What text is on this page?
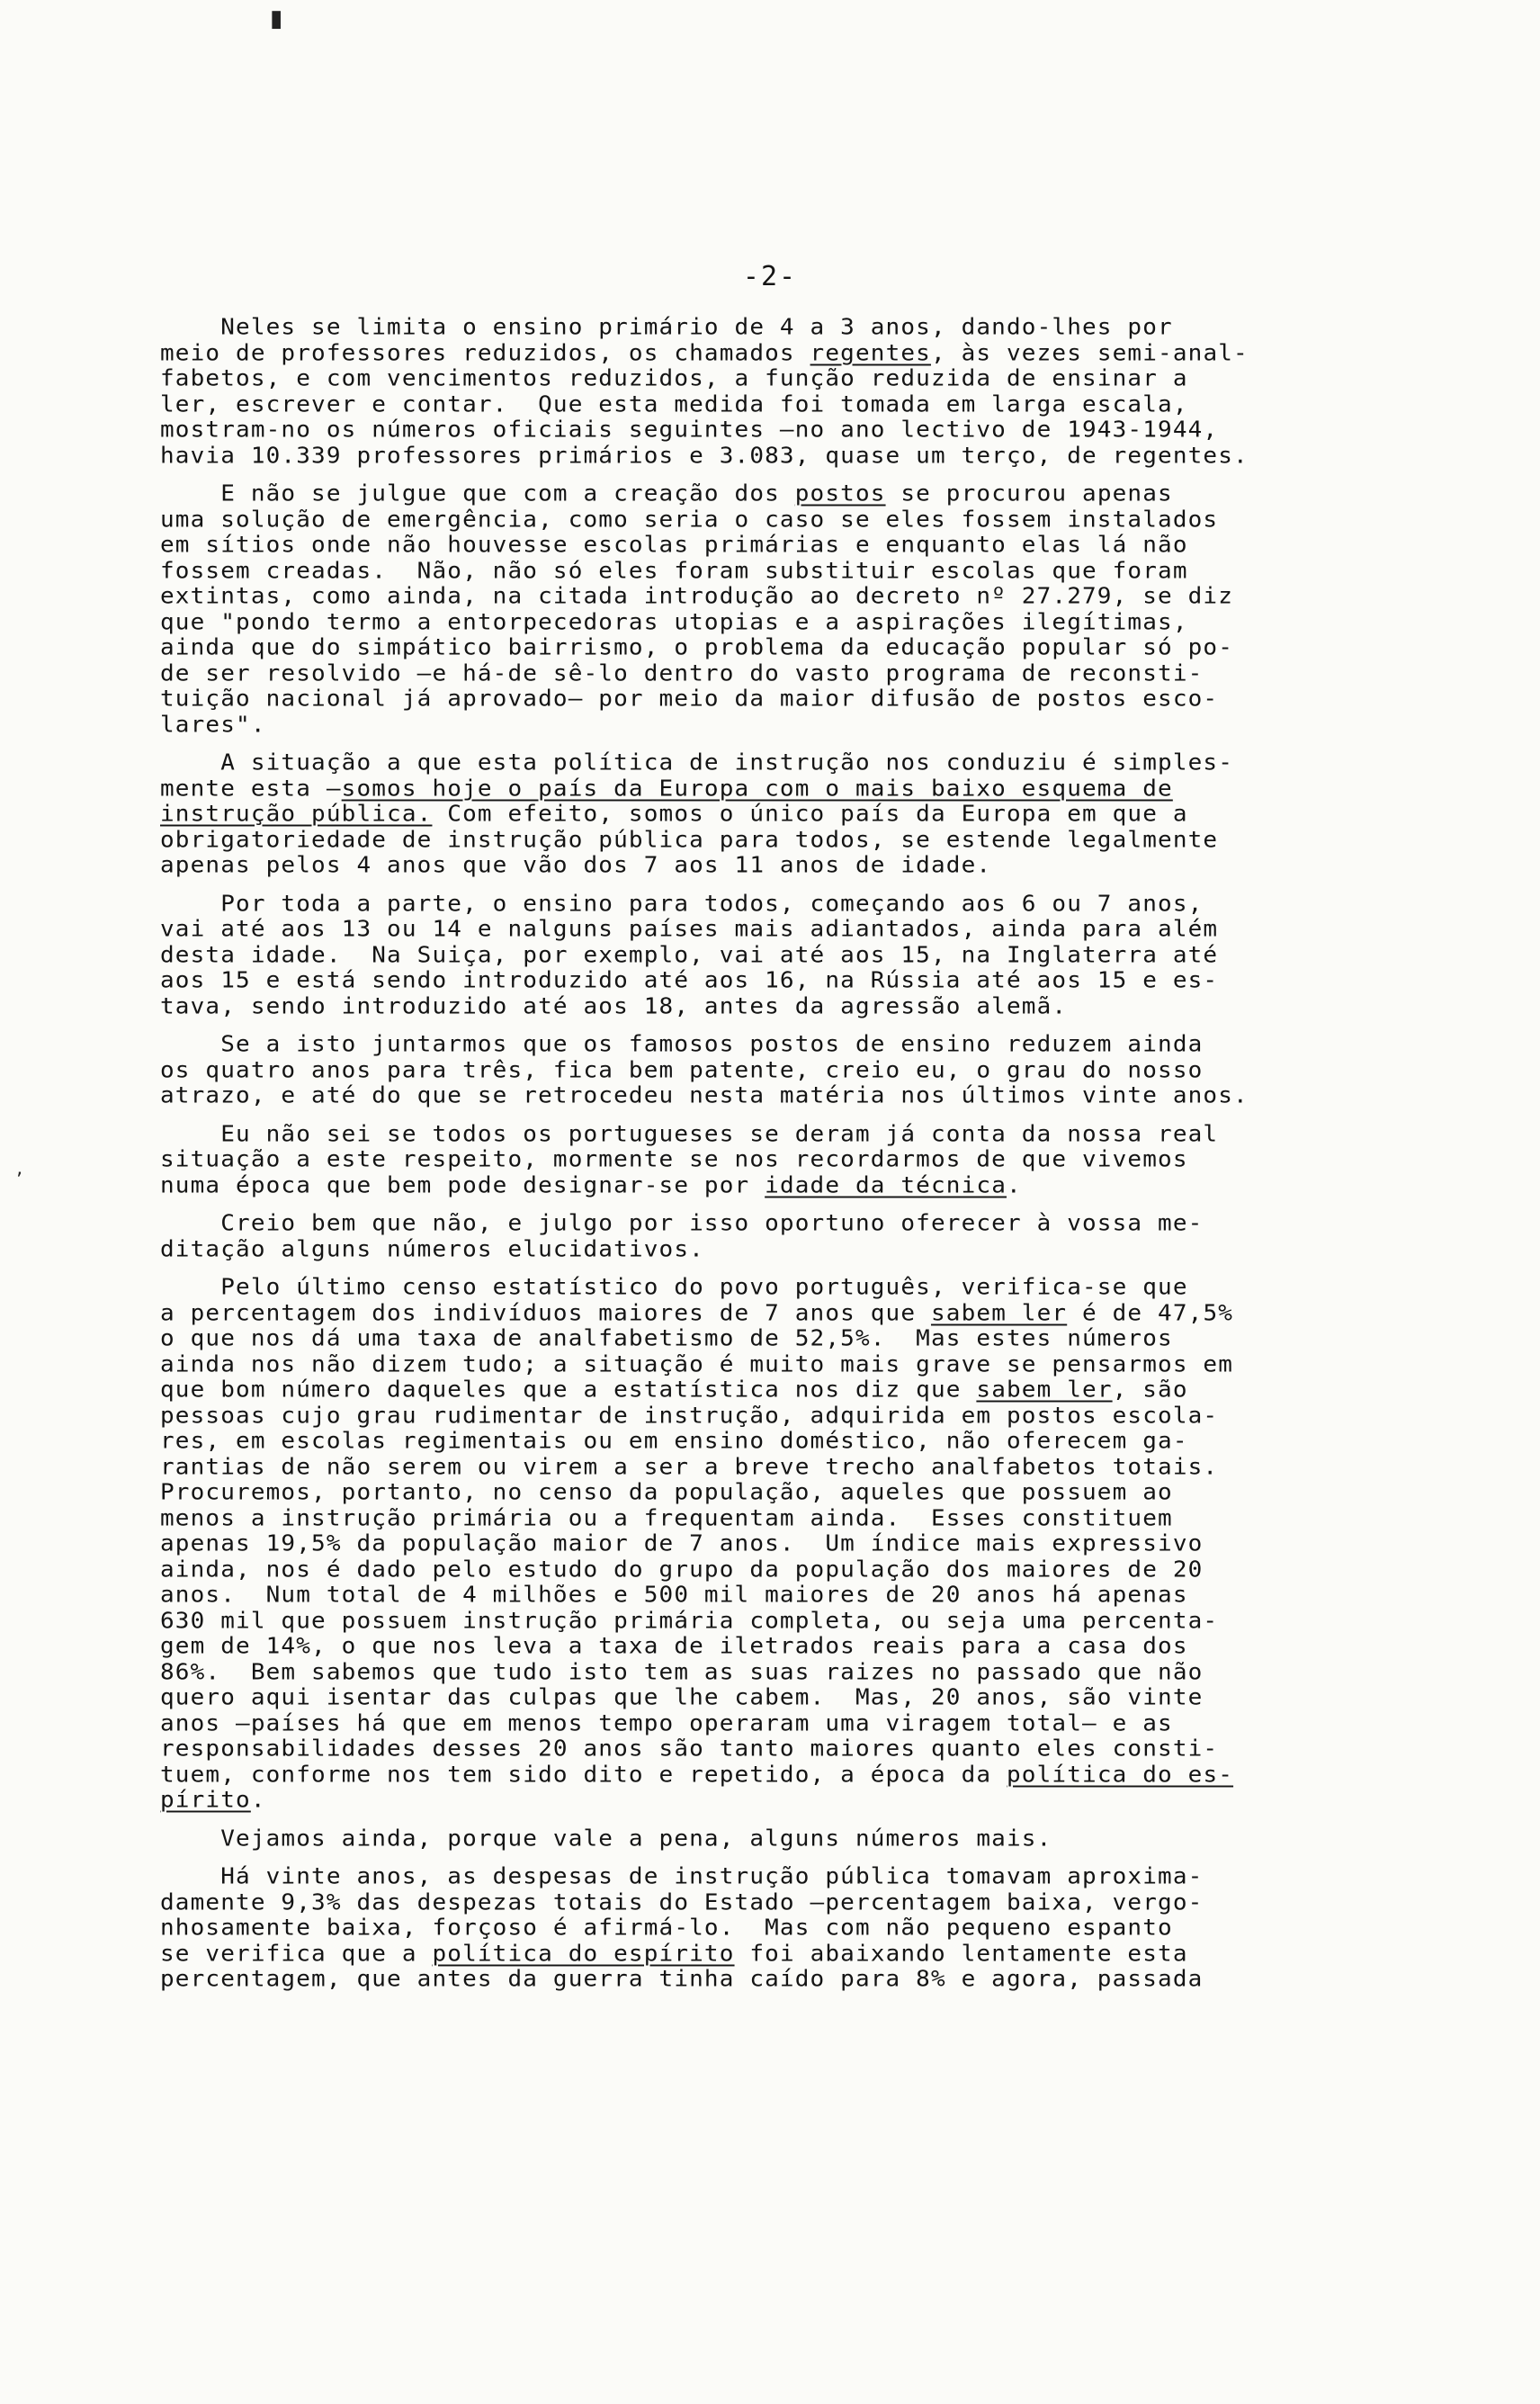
▮
’
-2-
Neles se limita o ensino primário de 4 a 3 anos, dando-lhes por
meio de professores reduzidos, os chamados regentes, às vezes semi-anal-
fabetos, e com vencimentos reduzidos, a função reduzida de ensinar a
ler, escrever e contar.  Que esta medida foi tomada em larga escala,
mostram-no os números oficiais seguintes —no ano lectivo de 1943-1944,
havia 10.339 professores primários e 3.083, quase um terço, de regentes.
E não se julgue que com a creação dos postos se procurou apenas
uma solução de emergência, como seria o caso se eles fossem instalados
em sítios onde não houvesse escolas primárias e enquanto elas lá não
fossem creadas.  Não, não só eles foram substituir escolas que foram
extintas, como ainda, na citada introdução ao decreto nº 27.279, se diz
que "pondo termo a entorpecedoras utopias e a aspirações ilegítimas,
ainda que do simpático bairrismo, o problema da educação popular só po-
de ser resolvido —e há-de sê-lo dentro do vasto programa de reconsti-
tuição nacional já aprovado— por meio da maior difusão de postos esco-
lares".
A situação a que esta política de instrução nos conduziu é simples-
mente esta —somos hoje o país da Europa com o mais baixo esquema de
instrução pública. Com efeito, somos o único país da Europa em que a
obrigatoriedade de instrução pública para todos, se estende legalmente
apenas pelos 4 anos que vão dos 7 aos 11 anos de idade.
Por toda a parte, o ensino para todos, começando aos 6 ou 7 anos,
vai até aos 13 ou 14 e nalguns países mais adiantados, ainda para além
desta idade.  Na Suiça, por exemplo, vai até aos 15, na Inglaterra até
aos 15 e está sendo introduzido até aos 16, na Rússia até aos 15 e es-
tava, sendo introduzido até aos 18, antes da agressão alemã.
Se a isto juntarmos que os famosos postos de ensino reduzem ainda
os quatro anos para três, fica bem patente, creio eu, o grau do nosso
atrazo, e até do que se retrocedeu nesta matéria nos últimos vinte anos.
Eu não sei se todos os portugueses se deram já conta da nossa real
situação a este respeito, mormente se nos recordarmos de que vivemos
numa época que bem pode designar-se por idade da técnica.
Creio bem que não, e julgo por isso oportuno oferecer à vossa me-
ditação alguns números elucidativos.
Pelo último censo estatístico do povo português, verifica-se que
a percentagem dos indivíduos maiores de 7 anos que sabem ler é de 47,5%
o que nos dá uma taxa de analfabetismo de 52,5%.  Mas estes números
ainda nos não dizem tudo; a situação é muito mais grave se pensarmos em
que bom número daqueles que a estatística nos diz que sabem ler, são
pessoas cujo grau rudimentar de instrução, adquirida em postos escola-
res, em escolas regimentais ou em ensino doméstico, não oferecem ga-
rantias de não serem ou virem a ser a breve trecho analfabetos totais.
Procuremos, portanto, no censo da população, aqueles que possuem ao
menos a instrução primária ou a frequentam ainda.  Esses constituem
apenas 19,5% da população maior de 7 anos.  Um índice mais expressivo
ainda, nos é dado pelo estudo do grupo da população dos maiores de 20
anos.  Num total de 4 milhões e 500 mil maiores de 20 anos há apenas
630 mil que possuem instrução primária completa, ou seja uma percenta-
gem de 14%, o que nos leva a taxa de iletrados reais para a casa dos
86%.  Bem sabemos que tudo isto tem as suas raizes no passado que não
quero aqui isentar das culpas que lhe cabem.  Mas, 20 anos, são vinte
anos —países há que em menos tempo operaram uma viragem total— e as
responsabilidades desses 20 anos são tanto maiores quanto eles consti-
tuem, conforme nos tem sido dito e repetido, a época da política do es-
pírito.
Vejamos ainda, porque vale a pena, alguns números mais.
Há vinte anos, as despesas de instrução pública tomavam aproxima-
damente 9,3% das despezas totais do Estado —percentagem baixa, vergo-
nhosamente baixa, forçoso é afirmá-lo.  Mas com não pequeno espanto
se verifica que a política do espírito foi abaixando lentamente esta
percentagem, que antes da guerra tinha caído para 8% e agora, passada
